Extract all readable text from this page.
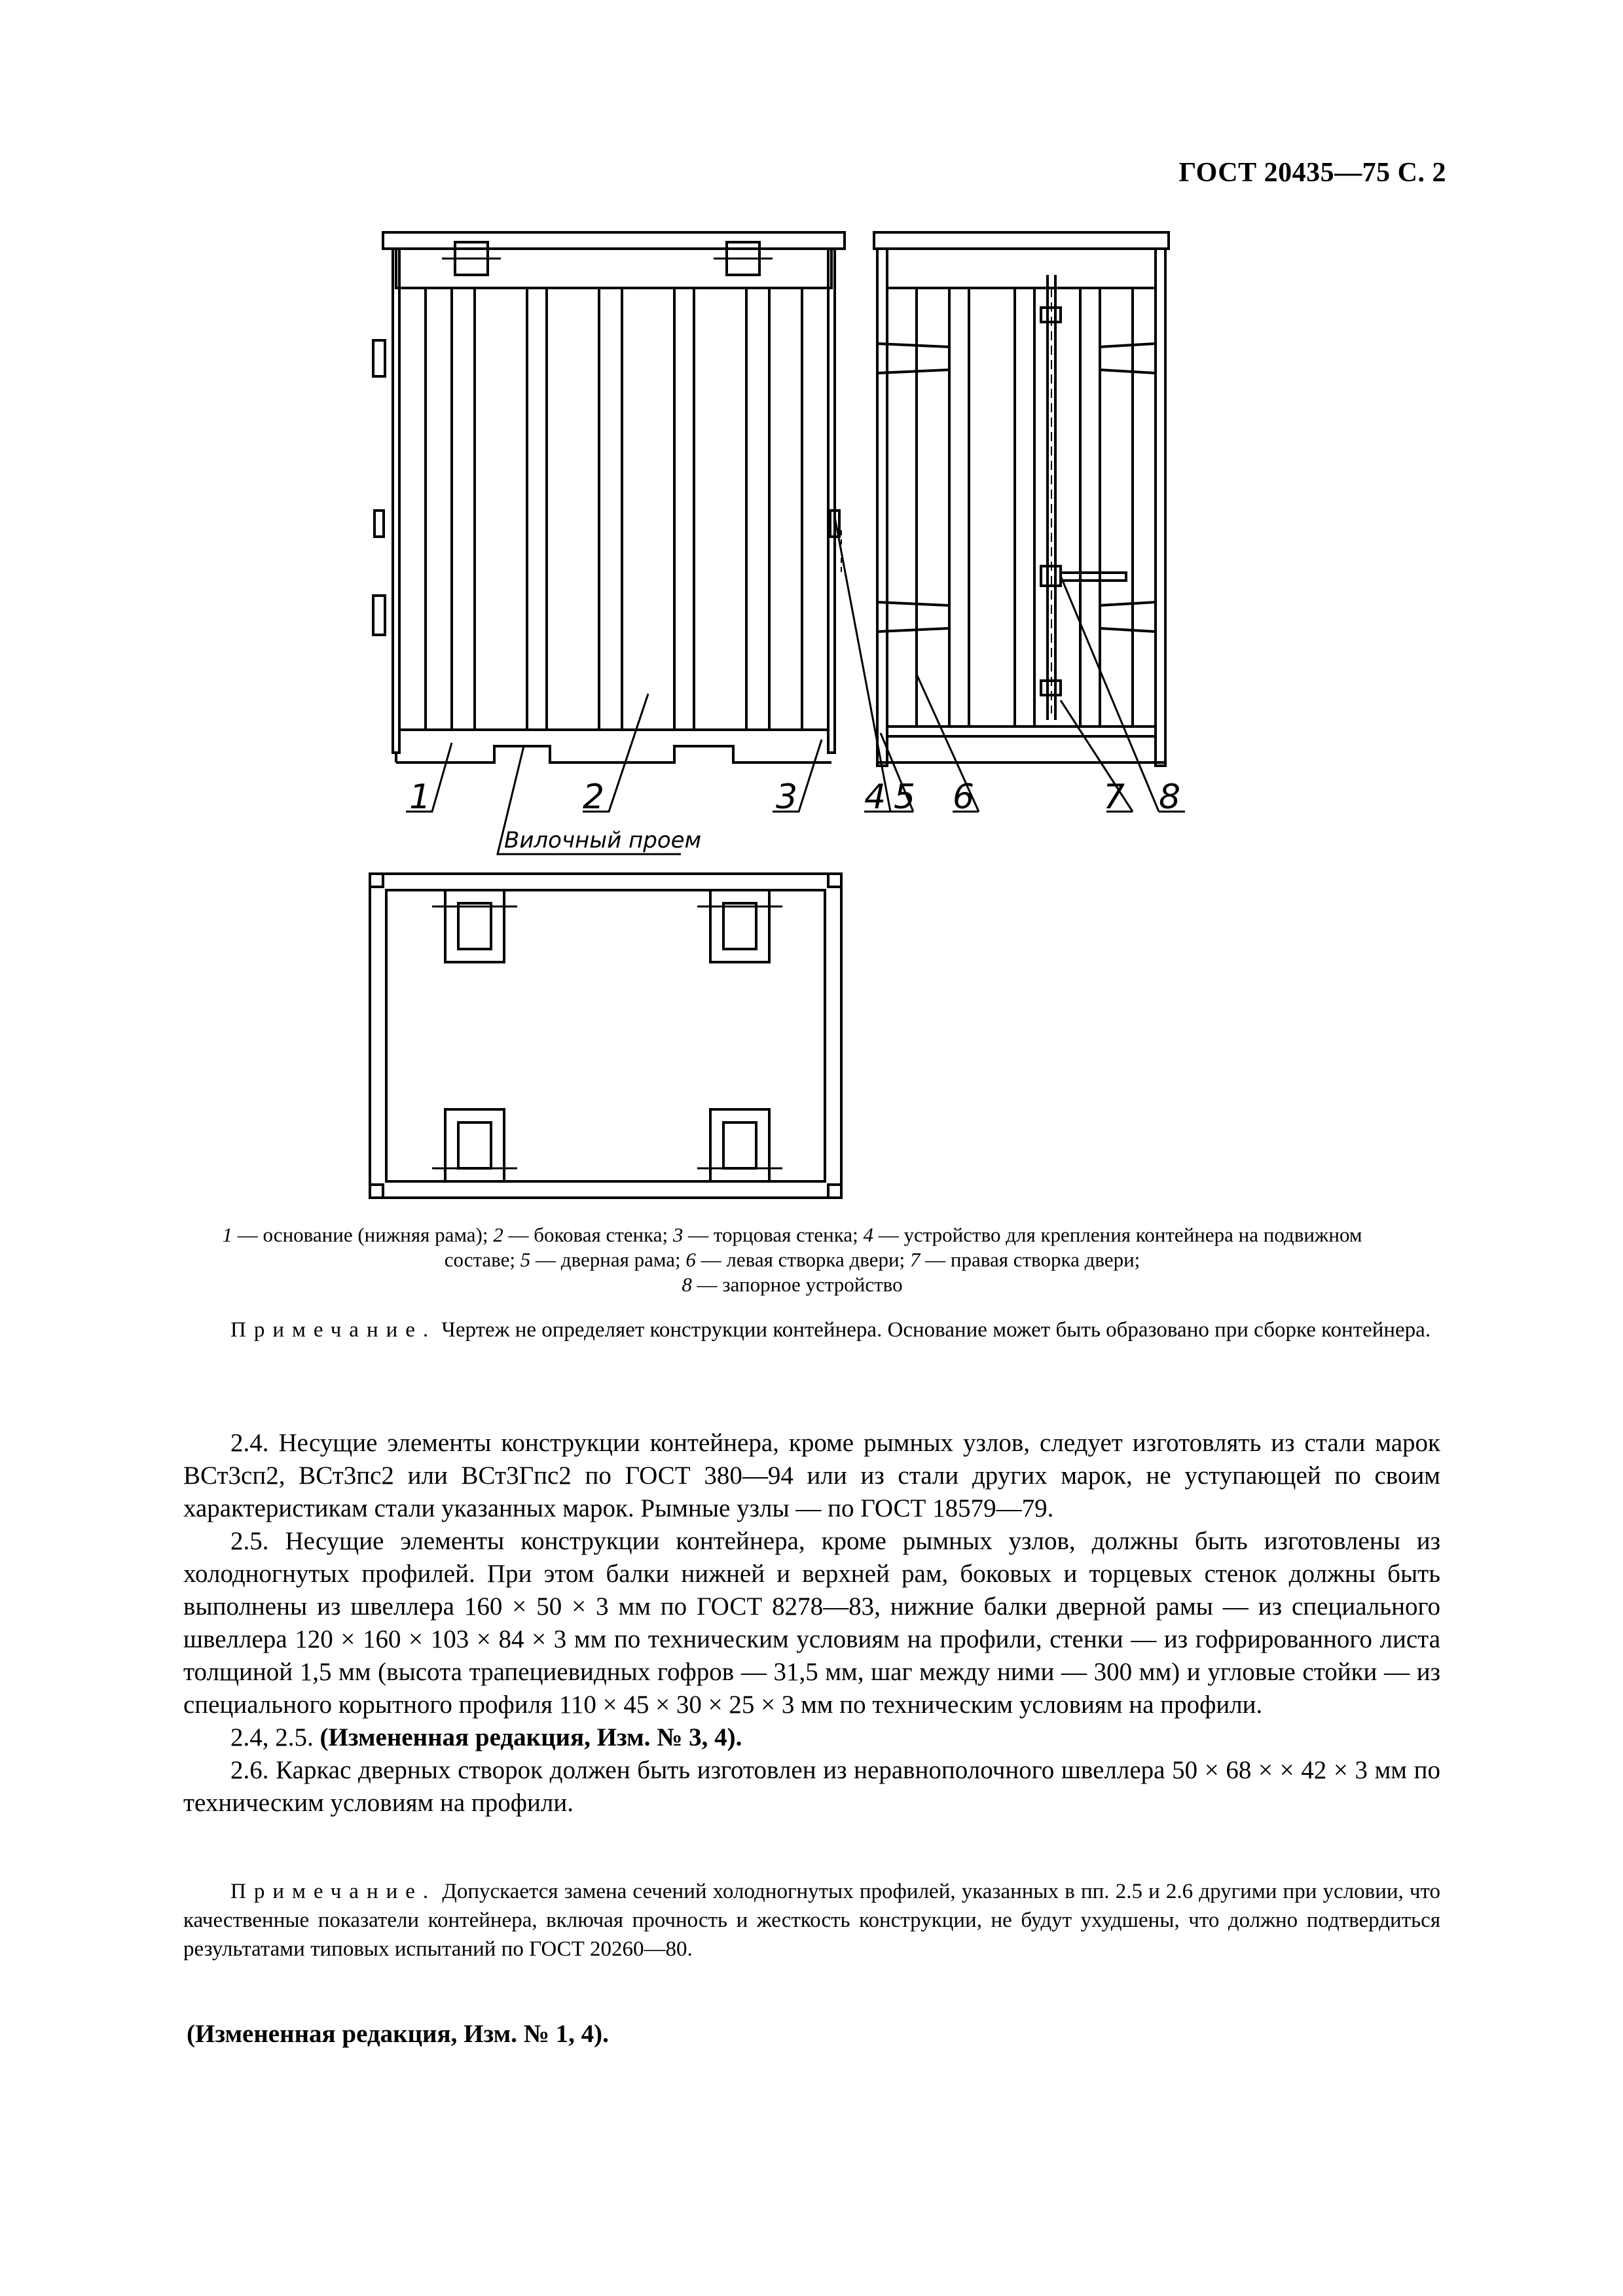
ГОСТ 20435—75 С. 2
1	2	3 4 5 6	7 8
Вилочный проем
1 — основание (нижняя рама); 2 — боковая стенка; 3 — торцовая стенка; 4 — устройство для крепления контейнера на подвижном составе; 5 — дверная рама; 6 — левая створка двери; 7 — правая створка двери;
8 — запорное устройство
Примечание. Чертеж не определяет конструкции контейнера. Основание может быть образовано при сборке контейнера.

2.4. Несущие элементы конструкции контейнера, кроме рымных узлов, следует изготовлять из стали марок ВСт3сп2, ВСт3пс2 или ВСт3Гпс2 по ГОСТ 380—94 или из стали других марок, не уступающей по своим характеристикам стали указанных марок. Рымные узлы — по ГОСТ 18579—79.

2.5. Несущие элементы конструкции контейнера, кроме рымных узлов, должны быть изготовлены из холодногнутых профилей. При этом балки нижней и верхней рам, боковых и торцевых стенок должны быть выполнены из швеллера 160 × 50 × 3 мм по ГОСТ 8278—83, нижние балки дверной рамы — из специального швеллера 120 × 160 × 103 × 84 × 3 мм по техническим условиям на профили, стенки — из гофрированного листа толщиной 1,5 мм (высота трапециевидных гофров — 31,5 мм, шаг между ними — 300 мм) и угловые стойки — из специального корытного профиля 110 × 45 × 30 × 25 × 3 мм по техническим условиям на профили.

2.4, 2.5. (Измененная редакция, Изм. № 3, 4).

2.6. Каркас дверных створок должен быть изготовлен из неравнополочного швеллера 50 × 68 × × 42 × 3 мм по техническим условиям на профили.

Примечание. Допускается замена сечений холодногнутых профилей, указанных в пп. 2.5 и 2.6 другими при условии, что качественные показатели контейнера, включая прочность и жесткость конструкции, не будут ухудшены, что должно подтвердиться результатами типовых испытаний по ГОСТ 20260—80.
(Измененная редакция, Изм. № 1, 4).
